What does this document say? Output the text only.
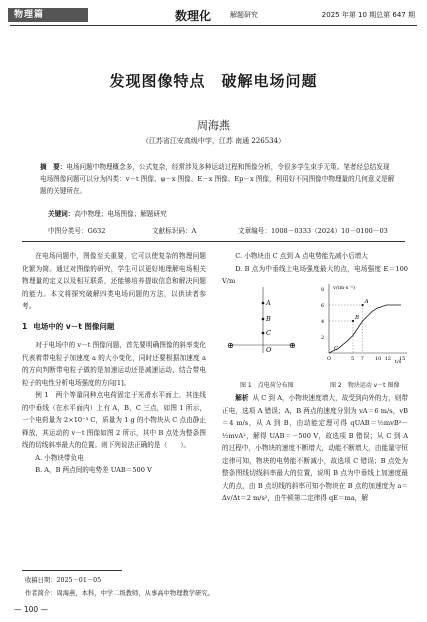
物理篇	数理化	解题研究	2025 年第 10 期总第 647 期
发现图像特点　破解电场问题
周海燕
（江苏省江安高级中学，江苏 南通 226534）
摘　要：电场问题中物理概念多，公式复杂，经常涉及多种运动过程和图像分析，令很多学生束手无策。笔者经总结发现电场图像问题可以分为四类：v－t 图像、φ－x 图像、E－x 图像、Ep－x 图像，利用好不同图像中物理量的几何意义是解题的关键所在。
关键词：高中物理；电场图像；解题研究
中图分类号：G632	文献标识码：A	文章编号：1008－0333（2024）10－0100－03

在电场问题中，图像至关重要，它可以使复杂的物理问题化繁为简。通过对图像的研究，学生可以更好地理解电场相关物理量的定义以及相互联系，还能够培养提取信息和解决问题的能力。本文将探究破解四类电场问题的方法，以供读者参考。

1 电场中的 v－t 图像问题

对于电场中的 v－t 图像问题，首先要明确图像的斜率变化代表着带电粒子加速度 a 的大小变化，同时还要根据加速度 a 的方向判断带电粒子做的是加速运动还是减速运动，结合带电粒子的电性分析电场强度的方向[1]。

例 1　两个等量同种点电荷固定于光滑水平面上，其连线的中垂线（在水平面内）上有 A，B，C 三点，如图 1 所示，一个电荷量为 2×10⁻³ C，质量为 1 g 的小物块从 C 点由静止释放，其运动的 v－t 图像如图 2 所示，其中 B 点处为整条图线的切线斜率最大的位置。则下列说法正确的是（　　）。

A. 小物块带负电

B. A，B 两点间的电势差 UAB＝500 V

C. 小物块由 C 点到 A 点电势能先减小后增大

D. B 点为中垂线上电场强度最大的点，电场强度 E＝100 V/m

⊕	⊕
A
B
C
O
v/(m·s⁻¹)
t/s
8
6
4
2
O	5 7 10 12 15
B
A
C
图 1　点电荷分布图	图 2　物块运动 v－t 图像

解析 从 C 到 A，小物块速度增大，故受到向外的力，则带正电，选项 A 错误；A，B 两点的速度分别为 vA＝6 m/s，vB＝4 m/s，从 A 到 B，由动能定理可得 qUAB＝½mvB²－½mvA²，解得 UAB＝－500 V，故选项 B 错误；从 C 到 A 的过程中，小物块的速度不断增大，动能不断增大，由能量守恒定律可知，物块的电势能不断减小，故选项 C 错误；B 点处为整条图线切线斜率最大的位置，说明 B 点为中垂线上加速度最大的点，由 B 点切线的斜率可知小物块在 B 点的加速度为 a＝Δv/Δt＝2 m/s²，由牛顿第二定律得 qE＝ma，解

收稿日期：2025－01－05
作者简介：周海燕，本科，中学二级教师，从事高中物理教学研究。
— 100 —
